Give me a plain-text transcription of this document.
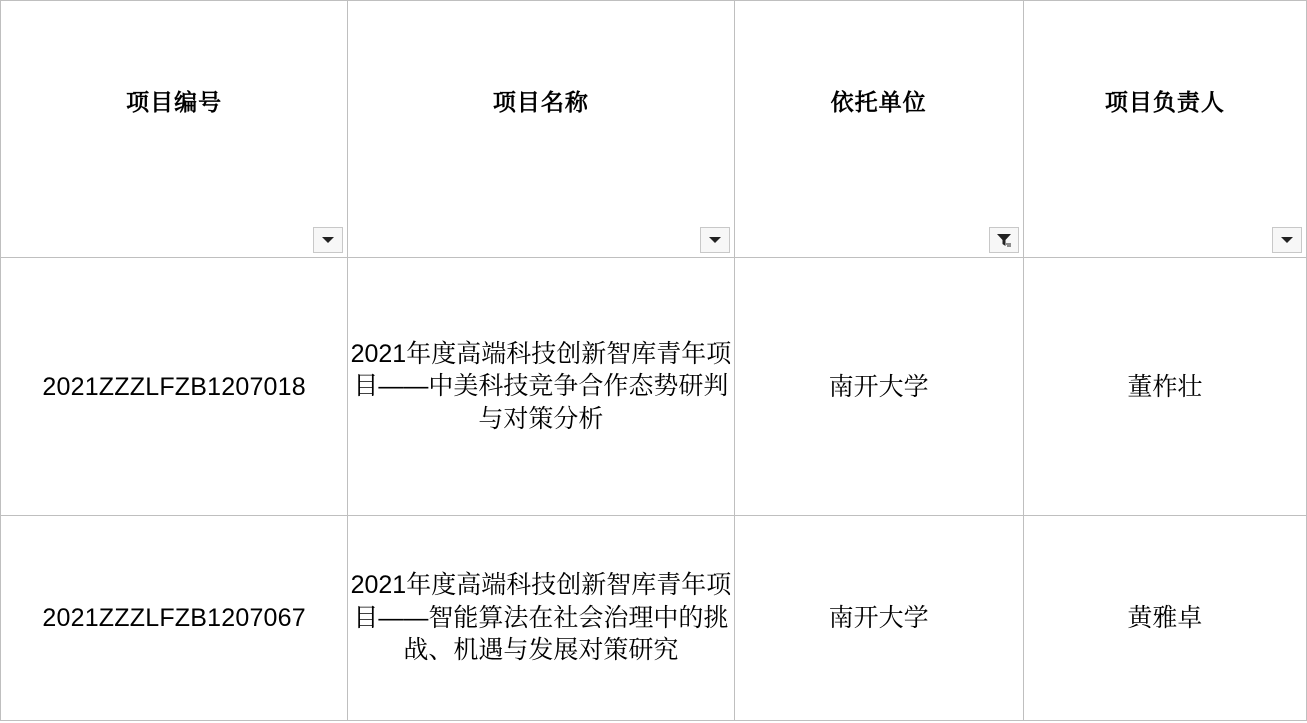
项目编号	项目名称	依托单位	项目负责人

2021ZZZLFZB1207018	2021年度高端科技创新智库青年项目——中美科技竞争合作态势研判与对策分析	南开大学	董柞壮
2021ZZZLFZB1207067	2021年度高端科技创新智库青年项目——智能算法在社会治理中的挑战、机遇与发展对策研究	南开大学	黄雅卓
